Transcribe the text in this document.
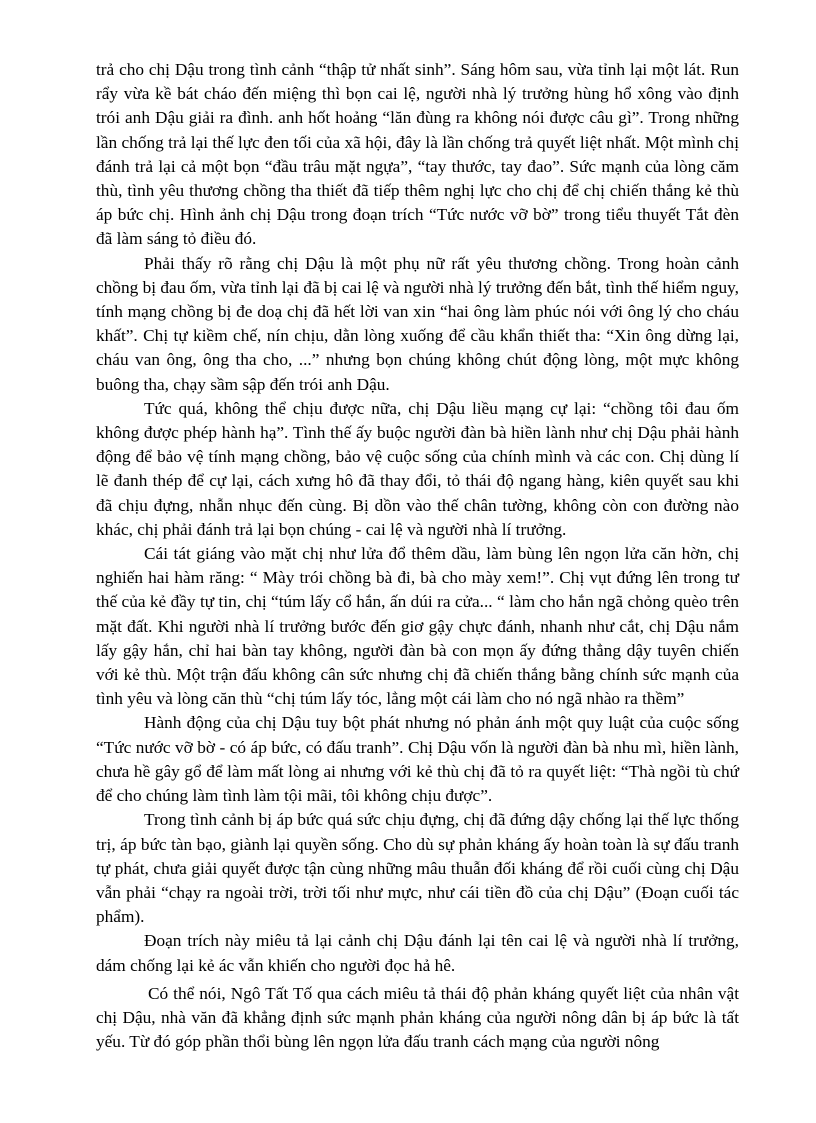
trả cho chị Dậu trong tình cảnh “thập tử nhất sinh”. Sáng hôm sau, vừa tỉnh lại một lát. Run rẩy vừa kề bát cháo đến miệng thì bọn cai lệ, người nhà lý trưởng hùng hổ xông vào định trói anh Dậu giải ra đình. anh hốt hoảng “lăn đùng ra không nói được câu gì”. Trong những lần chống trả lại thế lực đen tối của xã hội, đây là lần chống trả quyết liệt nhất. Một mình chị đánh trả lại cả một bọn “đầu trâu mặt ngựa”, “tay thước, tay đao”. Sức mạnh của lòng căm thù, tình yêu thương chồng tha thiết đã tiếp thêm nghị lực cho chị để chị chiến thắng kẻ thù áp bức chị. Hình ảnh chị Dậu trong đoạn trích “Tức nước vỡ bờ” trong tiểu thuyết Tắt đèn đã làm sáng tỏ điều đó.

Phải thấy rõ rằng chị Dậu là một phụ nữ rất yêu thương chồng. Trong hoàn cảnh chồng bị đau ốm, vừa tỉnh lại đã bị cai lệ và người nhà lý trưởng đến bắt, tình thế hiểm nguy, tính mạng chồng bị đe doạ chị đã hết lời van xin “hai ông làm phúc nói với ông lý cho cháu khất”. Chị tự kiềm chế, nín chịu, dằn lòng xuống để cầu khẩn thiết tha: “Xin ông dừng lại, cháu van ông, ông tha cho, ...” nhưng bọn chúng không chút động lòng, một mực không buông tha, chạy sầm sập đến trói anh Dậu.

Tức quá, không thể chịu được nữa, chị Dậu liều mạng cự lại: “chồng tôi đau ốm không được phép hành hạ”. Tình thế ấy buộc người đàn bà hiền lành như chị Dậu phải hành động để bảo vệ tính mạng chồng, bảo vệ cuộc sống của chính mình và các con. Chị dùng lí lẽ đanh thép để cự lại, cách xưng hô đã thay đổi, tỏ thái độ ngang hàng, kiên quyết sau khi đã chịu đựng, nhẫn nhục đến cùng. Bị dồn vào thế chân tường, không còn con đường nào khác, chị phải đánh trả lại bọn chúng - cai lệ và người nhà lí trưởng.

Cái tát giáng vào mặt chị như lửa đổ thêm dầu, làm bùng lên ngọn lửa căn hờn, chị nghiến hai hàm răng: “ Mày trói chồng bà đi, bà cho mày xem!”. Chị vụt đứng lên trong tư thế của kẻ đầy tự tin, chị “túm lấy cổ hắn, ấn dúi ra cửa... “ làm cho hắn ngã chỏng quèo trên mặt đất. Khi người nhà lí trưởng bước đến giơ gậy chực đánh, nhanh như cắt, chị Dậu nắm lấy gậy hắn, chỉ hai bàn tay không, người đàn bà con mọn ấy đứng thẳng dậy tuyên chiến với kẻ thù. Một trận đấu không cân sức nhưng chị đã chiến thắng bằng chính sức mạnh của tình yêu và lòng căn thù “chị túm lấy tóc, lẳng một cái làm cho nó ngã nhào ra thềm”

Hành động của chị Dậu tuy bột phát nhưng nó phản ánh một quy luật của cuộc sống “Tức nước vỡ bờ - có áp bức, có đấu tranh”. Chị Dậu vốn là người đàn bà nhu mì, hiền lành, chưa hề gây gổ để làm mất lòng ai nhưng với kẻ thù chị đã tỏ ra quyết liệt: “Thà ngồi tù chứ để cho chúng làm tình làm tội mãi, tôi không chịu được”.

Trong tình cảnh bị áp bức quá sức chịu đựng, chị đã đứng dậy chống lại thế lực thống trị, áp bức tàn bạo, giành lại quyền sống. Cho dù sự phản kháng ấy hoàn toàn là sự đấu tranh tự phát, chưa giải quyết được tận cùng những mâu thuẫn đối kháng để rồi cuối cùng chị Dậu vẫn phải “chạy ra ngoài trời, trời tối như mực, như cái tiền đồ của chị Dậu” (Đoạn cuối tác phẩm).

Đoạn trích này miêu tả lại cảnh chị Dậu đánh lại tên cai lệ và người nhà lí trưởng, dám chống lại kẻ ác vẫn khiến cho người đọc hả hê.

Có thể nói, Ngô Tất Tố qua cách miêu tả thái độ phản kháng quyết liệt của nhân vật chị Dậu, nhà văn đã khẳng định sức mạnh phản kháng của người nông dân bị áp bức là tất yếu. Từ đó góp phần thổi bùng lên ngọn lửa đấu tranh cách mạng của người nông
